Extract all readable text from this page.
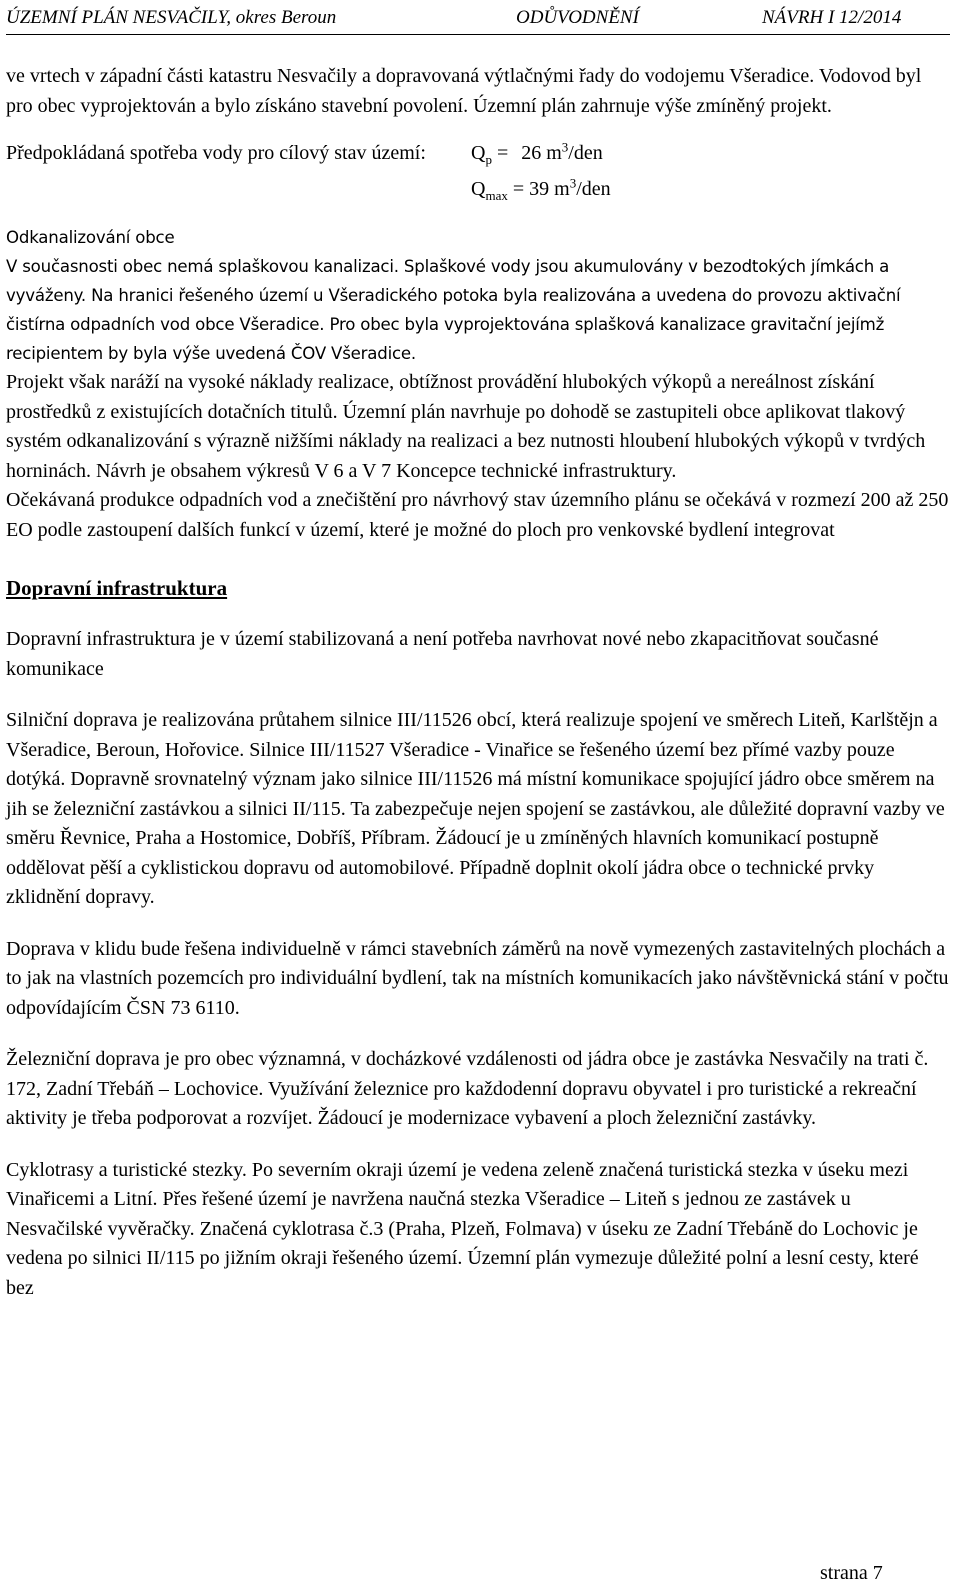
ÚZEMNÍ PLÁN NESVAČILY, okres Beroun	ODŮVODNĚNÍ	NÁVRH I 12/2014

ve vrtech v západní části katastru Nesvačily a dopravovaná výtlačnými řady do vodojemu Všeradice. Vodovod byl pro obec vyprojektován a bylo získáno stavební povolení. Územní plán zahrnuje výše zmíněný projekt.

Předpokládaná spotřeba vody pro cílový stav území: $Q_p = 26$ $m^3$/den
$Q_{max} = 39$ $m^3$/den
Odkanalizování obce
V současnosti obec nemá splaškovou kanalizaci. Splaškové vody jsou akumulovány v bezodtokých jímkách a vyváženy. Na hranici řešeného území u Všeradického potoka byla realizována a uvedena do provozu aktivační čistírna odpadních vod obce Všeradice. Pro obec byla vyprojektována splašková kanalizace gravitační jejímž recipientem by byla výše uvedená ČOV Všeradice.
Projekt však naráží na vysoké náklady realizace, obtížnost provádění hlubokých výkopů a nereálnost získání prostředků z existujících dotačních titulů. Územní plán navrhuje po dohodě se zastupiteli obce aplikovat tlakový systém odkanalizování s výrazně nižšími náklady na realizaci a bez nutnosti hloubení hlubokých výkopů v tvrdých horninách. Návrh je obsahem výkresů V 6 a V 7 Koncepce technické infrastruktury.
Očekávaná produkce odpadních vod a znečištění pro návrhový stav územního plánu se očekává v rozmezí 200 až 250 EO podle zastoupení dalších funkcí v území, které je možné do ploch pro venkovské bydlení integrovat
Dopravní infrastruktura

Dopravní infrastruktura je v území stabilizovaná a není potřeba navrhovat nové nebo zkapacitňovat současné komunikace

Silniční doprava je realizována průtahem silnice III/11526 obcí, která realizuje spojení ve směrech Liteň, Karlštějn a Všeradice, Beroun, Hořovice. Silnice III/11527 Všeradice - Vinařice se řešeného území bez přímé vazby pouze dotýká. Dopravně srovnatelný význam jako silnice III/11526 má místní komunikace spojující jádro obce směrem na jih se železniční zastávkou a silnici II/115. Ta zabezpečuje nejen spojení se zastávkou, ale důležité dopravní vazby ve směru Řevnice, Praha a Hostomice, Dobříš, Příbram. Žádoucí je u zmíněných hlavních komunikací postupně oddělovat pěší a cyklistickou dopravu od automobilové. Případně doplnit okolí jádra obce o technické prvky zklidnění dopravy.

Doprava v klidu bude řešena individuelně v rámci stavebních záměrů na nově vymezených zastavitelných plochách a to jak na vlastních pozemcích pro individuální bydlení, tak na místních komunikacích jako návštěvnická stání v počtu odpovídajícím ČSN 73 6110.

Železniční doprava je pro obec významná, v docházkové vzdálenosti od jádra obce je zastávka Nesvačily na trati č. 172, Zadní Třebáň – Lochovice. Využívání železnice pro každodenní dopravu obyvatel i pro turistické a rekreační aktivity je třeba podporovat a rozvíjet. Žádoucí je modernizace vybavení a ploch železniční zastávky.

Cyklotrasy a turistické stezky. Po severním okraji území je vedena zeleně značená turistická stezka v úseku mezi Vinařicemi a Litní. Přes řešené území je navržena naučná stezka Všeradice – Liteň s jednou ze zastávek u Nesvačilské vyvěračky. Značená cyklotrasa č.3 (Praha, Plzeň, Folmava) v úseku ze Zadní Třebáně do Lochovic je vedena po silnici II/115 po jižním okraji řešeného území. Územní plán vymezuje důležité polní a lesní cesty, které bez

strana 7
